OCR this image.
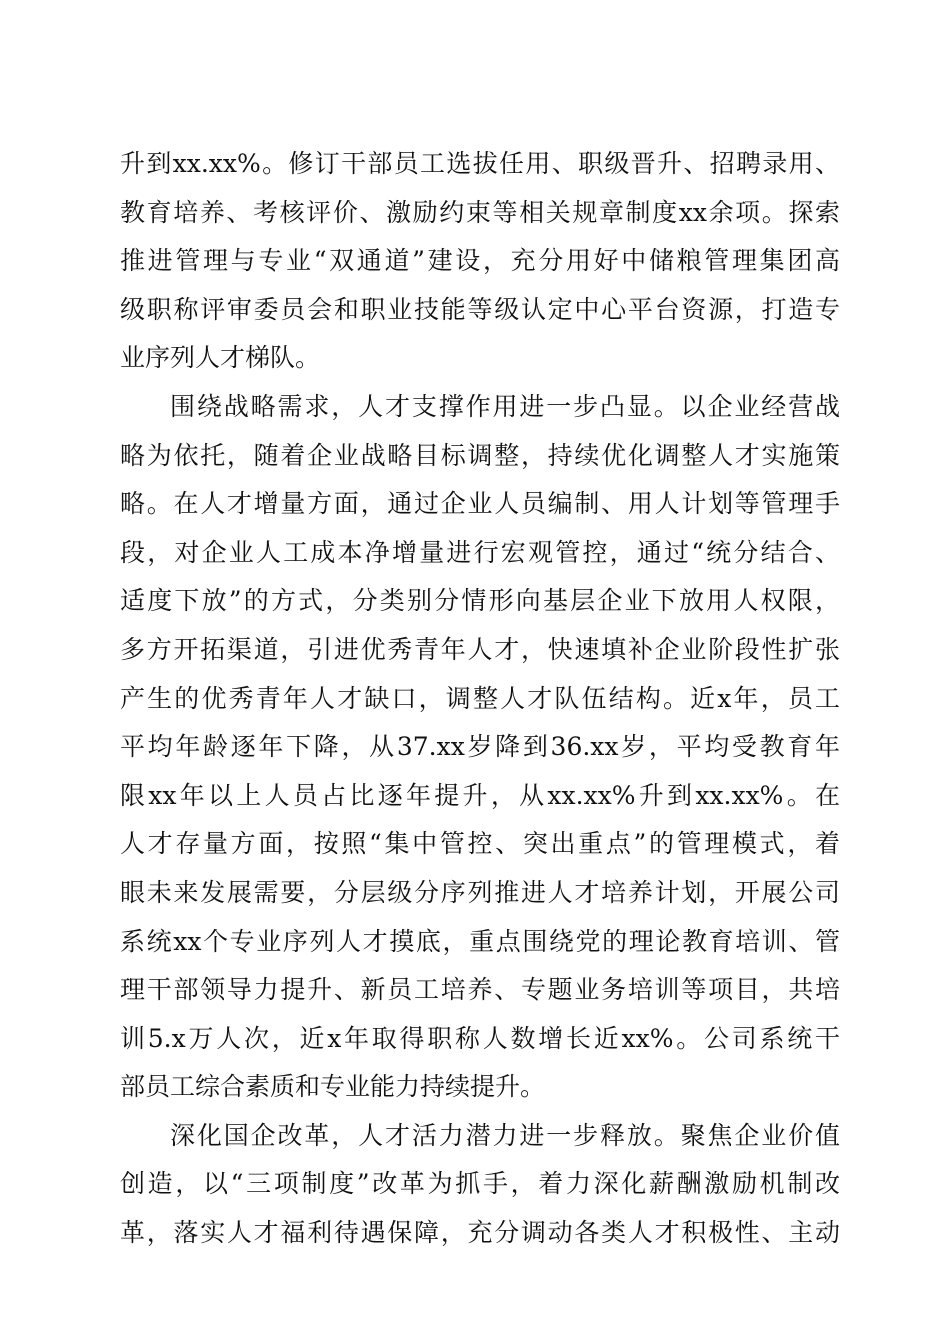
升到xx.xx%。修订干部员工选拔任用、职级晋升、招聘录用、
教育培养、考核评价、激励约束等相关规章制度xx余项。探索
推进管理与专业“双通道”建设，充分用好中储粮管理集团高
级职称评审委员会和职业技能等级认定中心平台资源，打造专
业序列人才梯队。
围绕战略需求，人才支撑作用进一步凸显。以企业经营战
略为依托，随着企业战略目标调整，持续优化调整人才实施策
略。在人才增量方面，通过企业人员编制、用人计划等管理手
段，对企业人工成本净增量进行宏观管控，通过“统分结合、
适度下放”的方式，分类别分情形向基层企业下放用人权限，
多方开拓渠道，引进优秀青年人才，快速填补企业阶段性扩张
产生的优秀青年人才缺口，调整人才队伍结构。近x年，员工
平均年龄逐年下降，从37.xx岁降到36.xx岁，平均受教育年
限xx年以上人员占比逐年提升，从xx.xx%升到xx.xx%。在
人才存量方面，按照“集中管控、突出重点”的管理模式，着
眼未来发展需要，分层级分序列推进人才培养计划，开展公司
系统xx个专业序列人才摸底，重点围绕党的理论教育培训、管
理干部领导力提升、新员工培养、专题业务培训等项目，共培
训5.x万人次，近x年取得职称人数增长近xx%。公司系统干
部员工综合素质和专业能力持续提升。
深化国企改革，人才活力潜力进一步释放。聚焦企业价值
创造，以“三项制度”改革为抓手，着力深化薪酬激励机制改
革，落实人才福利待遇保障，充分调动各类人才积极性、主动
